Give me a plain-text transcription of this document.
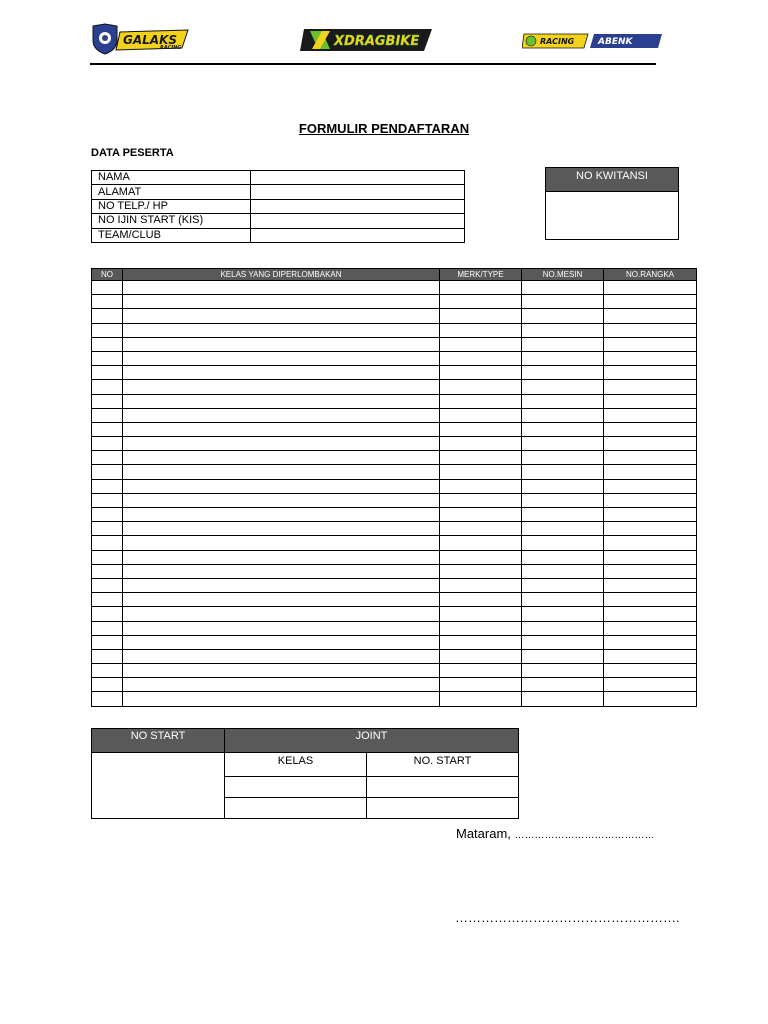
GALAKS
RACING	XDRAGBIKE	RACING	ABENK
FORMULIR PENDAFTARAN
DATA PESERTA
NAMA	
ALAMAT	
NO TELP./ HP	
NO IJIN START (KIS)	
TEAM/CLUB	
NO KWITANSI
NO	KELAS YANG DIPERLOMBAKAN	MERK/TYPE	NO.MESIN	NO.RANGKA

NO START	JOINT	
	KELAS	NO. START

Mataram, ……………………………………
…………………………………………….
